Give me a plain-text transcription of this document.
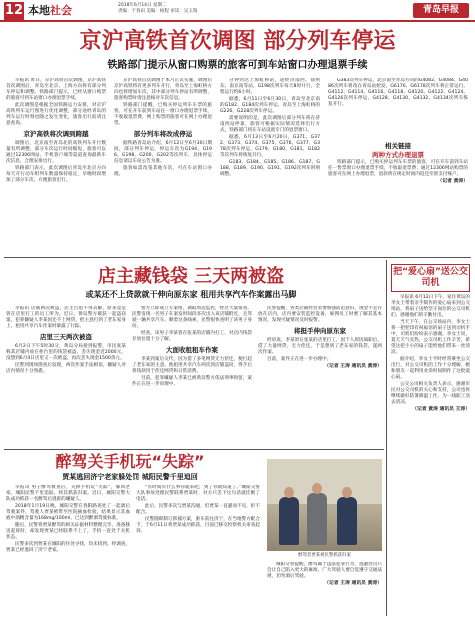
12 本地社会	2018年6月14日 星期二
责编：于春田 美编：杨程 审读：吴玉瑞	青岛早报
京沪高铁首次调图 部分列车停运
铁路部门提示从窗口购票的旅客可到车站窗口办理退票手续

早报讯 昨日，京沪高铁首次调图，京沪高铁首次调图后，青岛至北京、上海方向将有部分列车停运和调整。铁路部门提示，已经从窗口购票的旅客可到车站窗口办理退票手续。

此次调图是根据全国铁路运力安排，对京沪高铁列车运行图进行优化调整，部分途经青岛的列车运行时刻也随之发生变化，旅客出行前请注意查询。

京沪高铁将次调到跨越

调图后，北京南至青岛北的高铁列车开行数量有所调整，部分车次运行时间缩短，旅客可以通过12306网站、手机客户端等渠道查询最新车次信息，合理安排出行。

铁路部门表示，此次调图后青岛至北京方向每天开行动车组列车数量保持稳定，早晚时段增加了部分车次，方便旅客出行。

京沪高铁首次调图于本月正式实施，调图后京沪高铁将有更多列车开行，青岛至上海虹桥方向也将增加车次，其中部分列车停站有所调整，旅客购票时请注意核对车次信息。

铁路部门提醒，已购买停运列车车票的旅客，可在开车前到车站任一窗口办理退票手续，不收取退票费，网上购票的旅客可在网上办理退票。

部分列车将改成停运

据铁路青岛站介绍，6月12日至6月30日期间，部分列车停运，停运车次为G194、G196、G198、G200、G202等次列车，具体停运信息请以车站公告为准。

旅客如需改签其他车次，可在车站窗口办理。

分钟到达上海虹桥站，途经济南西、徐州东、南京南等站。G198次列车每天8时开行，全程运行约6小时。

据悉，6月11日至6月30日，青岛至北京南的G182、G184次列车停运，青岛至上海虹桥的G226、G228次列车停运。

需要说明的是，此次调图后部分列车将在济南西站停靠，旅客可根据实际情况选择出行方式，铁路部门将在车站设置专门的退票窗口。

据悉，6月13日至6月20日，G371、G372、G373、G374、G375、G376、G377、G378次列车停运，G179、G180、G181、G182等次列车将恢复开行。

G183、G184、G185、G186、G187、G188、G189、G190、G191、G192次列车时刻调整。

G383次列车停运，北京南至青岛方向的G4082、G4084、G4086次列车将改在青岛站始发，G6176、G6178次列车将正常运行。G4112、G4114、G4116、G4118、G4120、G4122、G4124、G4126次列车停运，G4128、G4130、G4132、G4134次列车恢复开行。

相关链接
两种方式办理退票

铁路部门提示，已购买停运列车车票的旅客，可在开车前到车站任一售票窗口办理退票手续，不收取退票费；通过12306网站购票的旅客可在网上办理退票，退款将在规定时间内返还至原支付账户。

（记者 黄涛）
店主藏钱袋 三天两被盗
或某还不上贷款就干伸向原东家 租用共享汽车作案露出马脚

早报讯 店铺两次被盗，店主百思不得其解，原来竟是曾在店里打工的员工所为。近日，黄岛警方破获一起盗窃案，犯罪嫌疑人李某因还不上网贷，把主意打到了老东家身上，租用共享汽车作案时暴露了行踪。

店里三天两次被盗

6月2日下午5时30分，黄岛分局接到报警，市民张某称其店铺内放在柜台里的钱袋被盗，丢失现金近2000元。没想到6月4日店里又一次被盗，再次丢失现金1500余元。

民警到现场勘查后发现，两次作案手法相似，嫌疑人对店内情况十分熟悉。

警方立即成立专案组，调取周边监控，经过大量排查，民警发现一名男子在案发时间段多次出入该店铺附近，且驾驶一辆共享汽车。顺着这条线索，民警很快查明了该男子身份。

经查，该男子李某曾在张某的店铺内打工，对店内钱袋存放位置十分了解。

大面收租租车作案

李某到案后交代，因为借了多笔网贷无力偿还，便打起了老东家的主意。他租用共享汽车两次到店铺盗窃，得手后将钱款用于偿还网贷和日常消费。

目前，犯罪嫌疑人李某已被黄岛警方依法刑事拘留，案件正在进一步审理中。

民警提醒，各类店铺经营者要加强防范意识，现金不宜存放在店内，店内要安装监控设备，雇佣员工时要了解其基本情况，发现可疑情况及时报警。

将挺手伸向原东家

经审查，李某原在张某的店里打工，因个人原因离职后，借了大量网贷，无力偿还，于是想到了老东家的钱袋，遂两次作案。

目前，案件正在进一步办理中。

（记者 王涛 通讯员 黄涛）
把“爱心扇”送公交司机

早报讯 6月12日下午，家住黄岛的李女士带着亲手制作的爱心扇来到公交场站，将扇子送给坚守岗位的公交司机们，感谢他们的辛勤付出。

当天下午，在公交场站内，李女士将一把把印有祝福语的扇子送到司机手中，司机们纷纷表示感谢。李女士说，夏天天气炎热，公交司机工作辛苦，希望这把小小的扇子能给他们带来一丝清凉。

据介绍，李女士平时经常乘坐公交出行，对公交司机的工作十分理解，她和朋友一起利用业余时间制作了这批爱心扇。

公交公司相关负责人表示，感谢市民对公交司机的关心和支持，公司也将继续做好防暑降温工作，为一线职工送去清凉。

（记者 黄涛 通讯员 王涛）
醉驾关手机玩“失踪”
贾某逃回济宁老家躲处罚 城阳民警千里追回

早报讯 男子醉驾被查后，关掉手机玩“失踪”，躲回老家，城阳民警千里追踪，将其抓获归案。近日，城阳交警大队成功抓获一名醉驾后逃匿的嫌疑人。

2018年1月19日晚，城阳交警在春阳路查处了一起酒后驾驶案件，驾驶人贾某被带至医院抽血检验，结果显示其血液中酒精含量为168mg/100ml，已达到醉酒驾驶标准。

随后，民警将贾某醉驾的相关证据材料整理完毕，准备移送起诉时，却发现贾某已经联系不上了，手机一直处于关机状态。

民警多次到贾某在城阳的住处寻找，均未找到。经调查，贾某已经逃回了济宁老家。

“有时间有什么事你就来吧，到了你就知道了。”城阳交警大队事故处理民警联系贾某时，对方只丢下这句话就挂断了电话。

此后，民警多次与贾某沟通，但贾某一直避而不见，拒不配合。

民警随即制订抓捕方案，驱车前往济宁，在当地警方配合下，于6月11日将贾某成功抓获，目前已移交检察机关审查起诉。

醉驾者贾某被民警抓获归案

城阳交警提醒，醉驾属于违法犯罪行为，逃避处罚只会让自己陷入更大的麻烦，广大驾驶人要自觉遵守交通法规，切勿酒后驾驶。

（记者 王涛 通讯员 黄涛）
